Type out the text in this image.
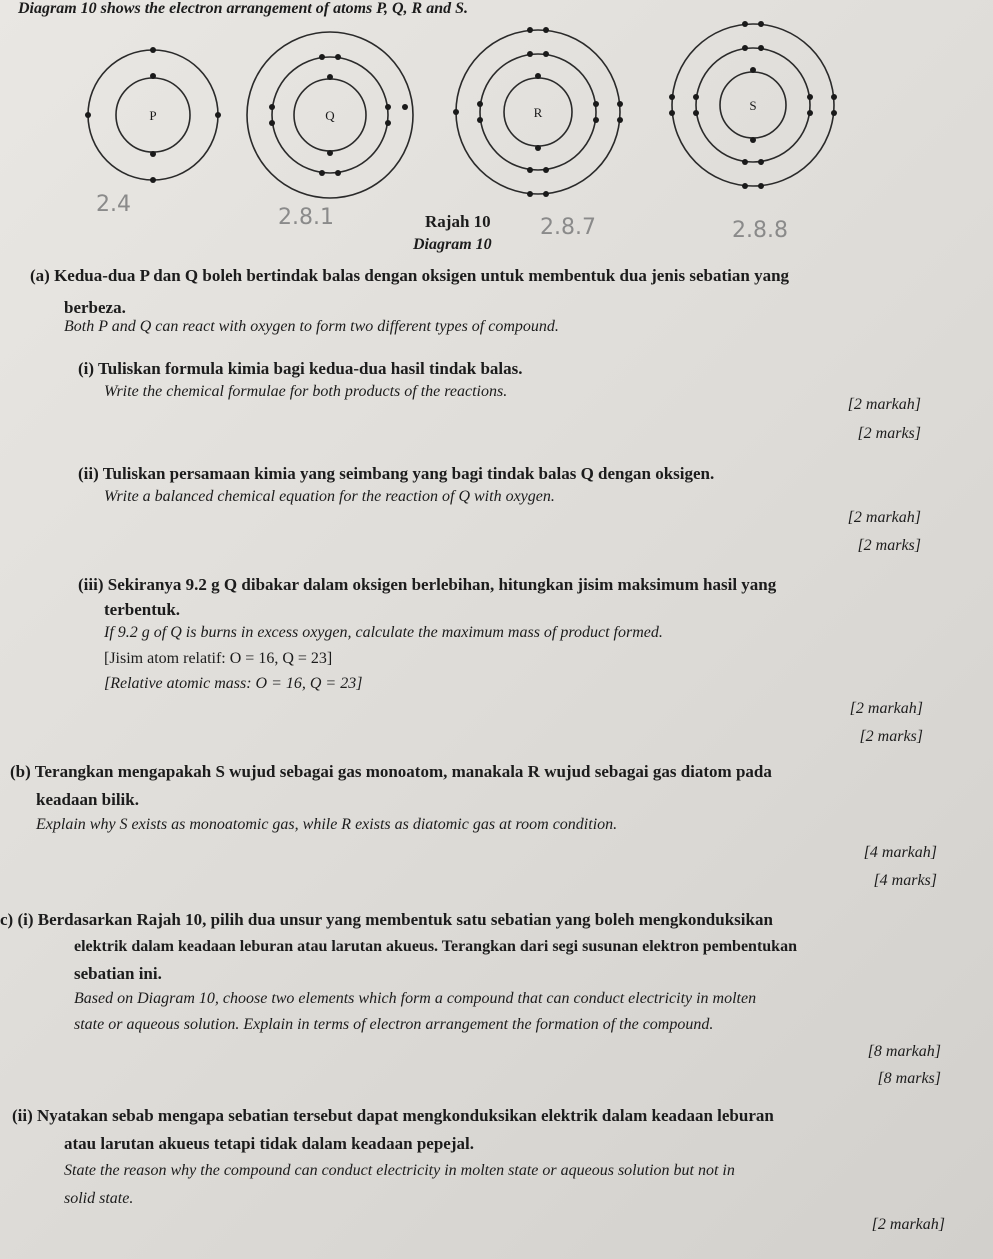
Diagram 10 shows the electron arrangement of atoms P, Q, R and S.
P	Q	R	S
2.4
2.8.1	2.8.7	2.8.8
Rajah 10
Diagram 10
(a) Kedua-dua P dan Q boleh bertindak balas dengan oksigen untuk membentuk dua jenis sebatian yang
berbeza.
Both P and Q can react with oxygen to form two different types of compound.
(i) Tuliskan formula kimia bagi kedua-dua hasil tindak balas.
Write the chemical formulae for both products of the reactions.
[2 markah]
[2 marks]
(ii) Tuliskan persamaan kimia yang seimbang yang bagi tindak balas Q dengan oksigen.
Write a balanced chemical equation for the reaction of Q with oxygen.
[2 markah]
[2 marks]
(iii) Sekiranya 9.2 g Q dibakar dalam oksigen berlebihan, hitungkan jisim maksimum hasil yang
terbentuk.
If 9.2 g of Q is burns in excess oxygen, calculate the maximum mass of product formed.
[Jisim atom relatif: O = 16, Q = 23]
[Relative atomic mass: O = 16, Q = 23]
[2 markah]
[2 marks]
(b) Terangkan mengapakah S wujud sebagai gas monoatom, manakala R wujud sebagai gas diatom pada
keadaan bilik.
Explain why S exists as monoatomic gas, while R exists as diatomic gas at room condition.
[4 markah]
[4 marks]
c) (i) Berdasarkan Rajah 10, pilih dua unsur yang membentuk satu sebatian yang boleh mengkonduksikan
elektrik dalam keadaan leburan atau larutan akueus. Terangkan dari segi susunan elektron pembentukan
sebatian ini.
Based on Diagram 10, choose two elements which form a compound that can conduct electricity in molten
state or aqueous solution. Explain in terms of electron arrangement the formation of the compound.
[8 markah]
[8 marks]
(ii) Nyatakan sebab mengapa sebatian tersebut dapat mengkonduksikan elektrik dalam keadaan leburan
atau larutan akueus tetapi tidak dalam keadaan pepejal.
State the reason why the compound can conduct electricity in molten state or aqueous solution but not in
solid state.
[2 markah]
